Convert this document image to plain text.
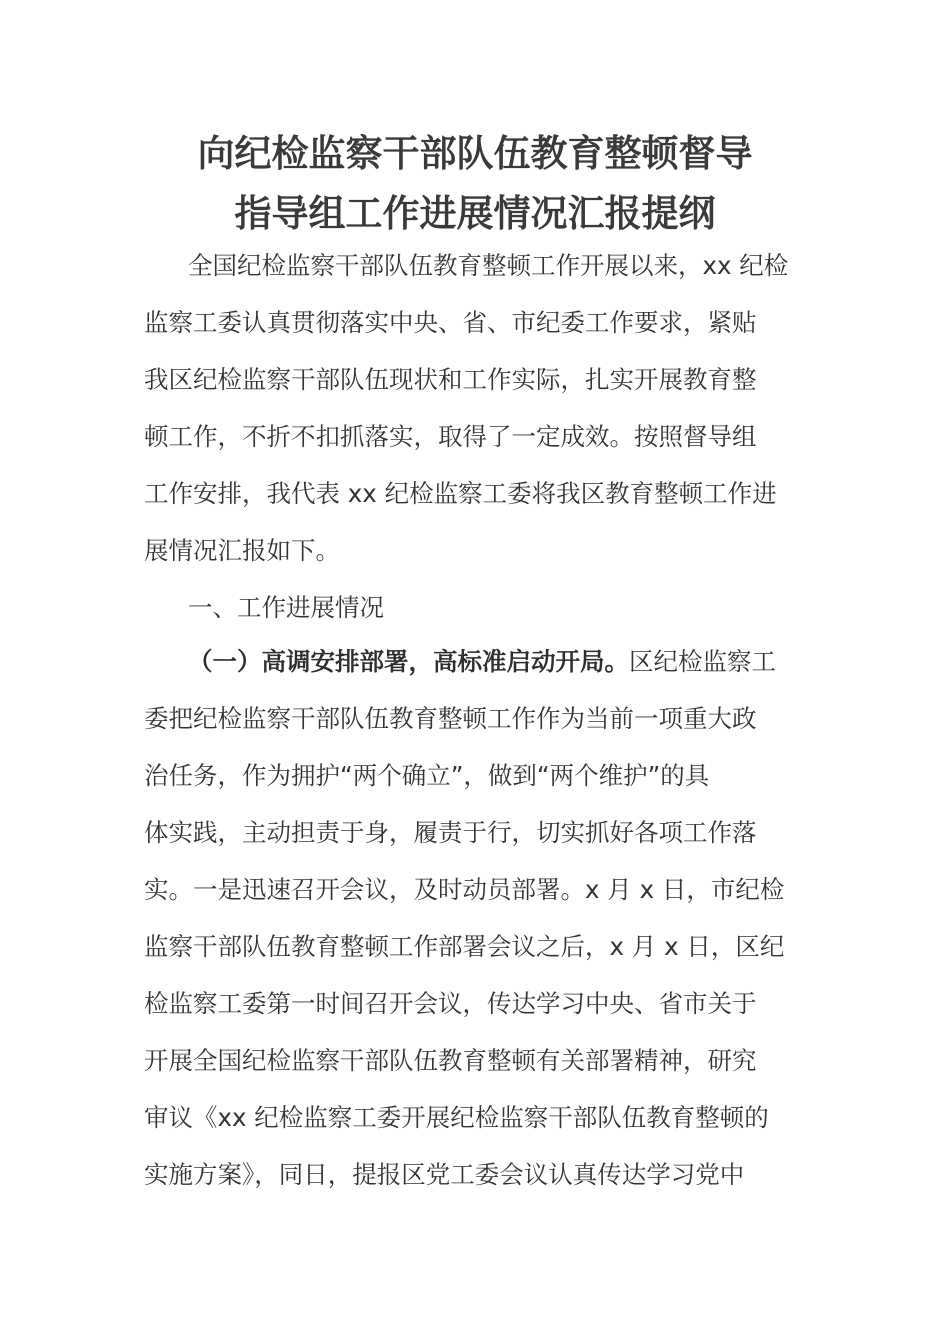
向纪检监察干部队伍教育整顿督导
指导组工作进展情况汇报提纲

全国纪检监察干部队伍教育整顿工作开展以来，xx 纪检

监察工委认真贯彻落实中央、省、市纪委工作要求，紧贴

我区纪检监察干部队伍现状和工作实际，扎实开展教育整

顿工作，不折不扣抓落实，取得了一定成效。按照督导组

工作安排，我代表 xx 纪检监察工委将我区教育整顿工作进

展情况汇报如下。

一、工作进展情况

（一）高调安排部署，高标准启动开局。区纪检监察工

委把纪检监察干部队伍教育整顿工作作为当前一项重大政

治任务，作为拥护“两个确立”，做到“两个维护”的具

体实践，主动担责于身，履责于行，切实抓好各项工作落

实。一是迅速召开会议，及时动员部署。x 月 x 日，市纪检

监察干部队伍教育整顿工作部署会议之后，x 月 x 日，区纪

检监察工委第一时间召开会议，传达学习中央、省市关于

开展全国纪检监察干部队伍教育整顿有关部署精神，研究

审议《xx 纪检监察工委开展纪检监察干部队伍教育整顿的

实施方案》，同日，提报区党工委会议认真传达学习党中
